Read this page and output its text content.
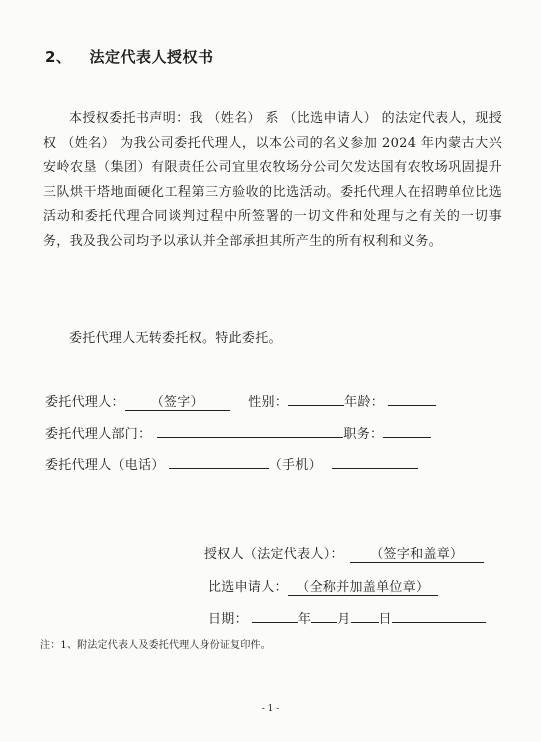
2、 法定代表人授权书
本授权委托书声明：我 （姓名） 系 （比选申请人） 的法定代表人，现授权 （姓名） 为我公司委托代理人，以本公司的名义参加 2024 年内蒙古大兴安岭农垦（集团）有限责任公司宜里农牧场分公司欠发达国有农牧场巩固提升三队烘干塔地面硬化工程第三方验收的比选活动。委托代理人在招聘单位比选活动和委托代理合同谈判过程中所签署的一切文件和处理与之有关的一切事务，我及我公司均予以承认并全部承担其所产生的所有权利和义务。
委托代理人无转委托权。特此委托。
委托代理人： （签字）	性别：	年龄：
委托代理人部门：	职务：
委托代理人（电话）	（手机）
授权人（法定代表人）： （签字和盖章）
比选申请人： （全称并加盖单位章）
日期：	年 月 日
注：1、附法定代表人及委托代理人身份证复印件。
- 1 -
